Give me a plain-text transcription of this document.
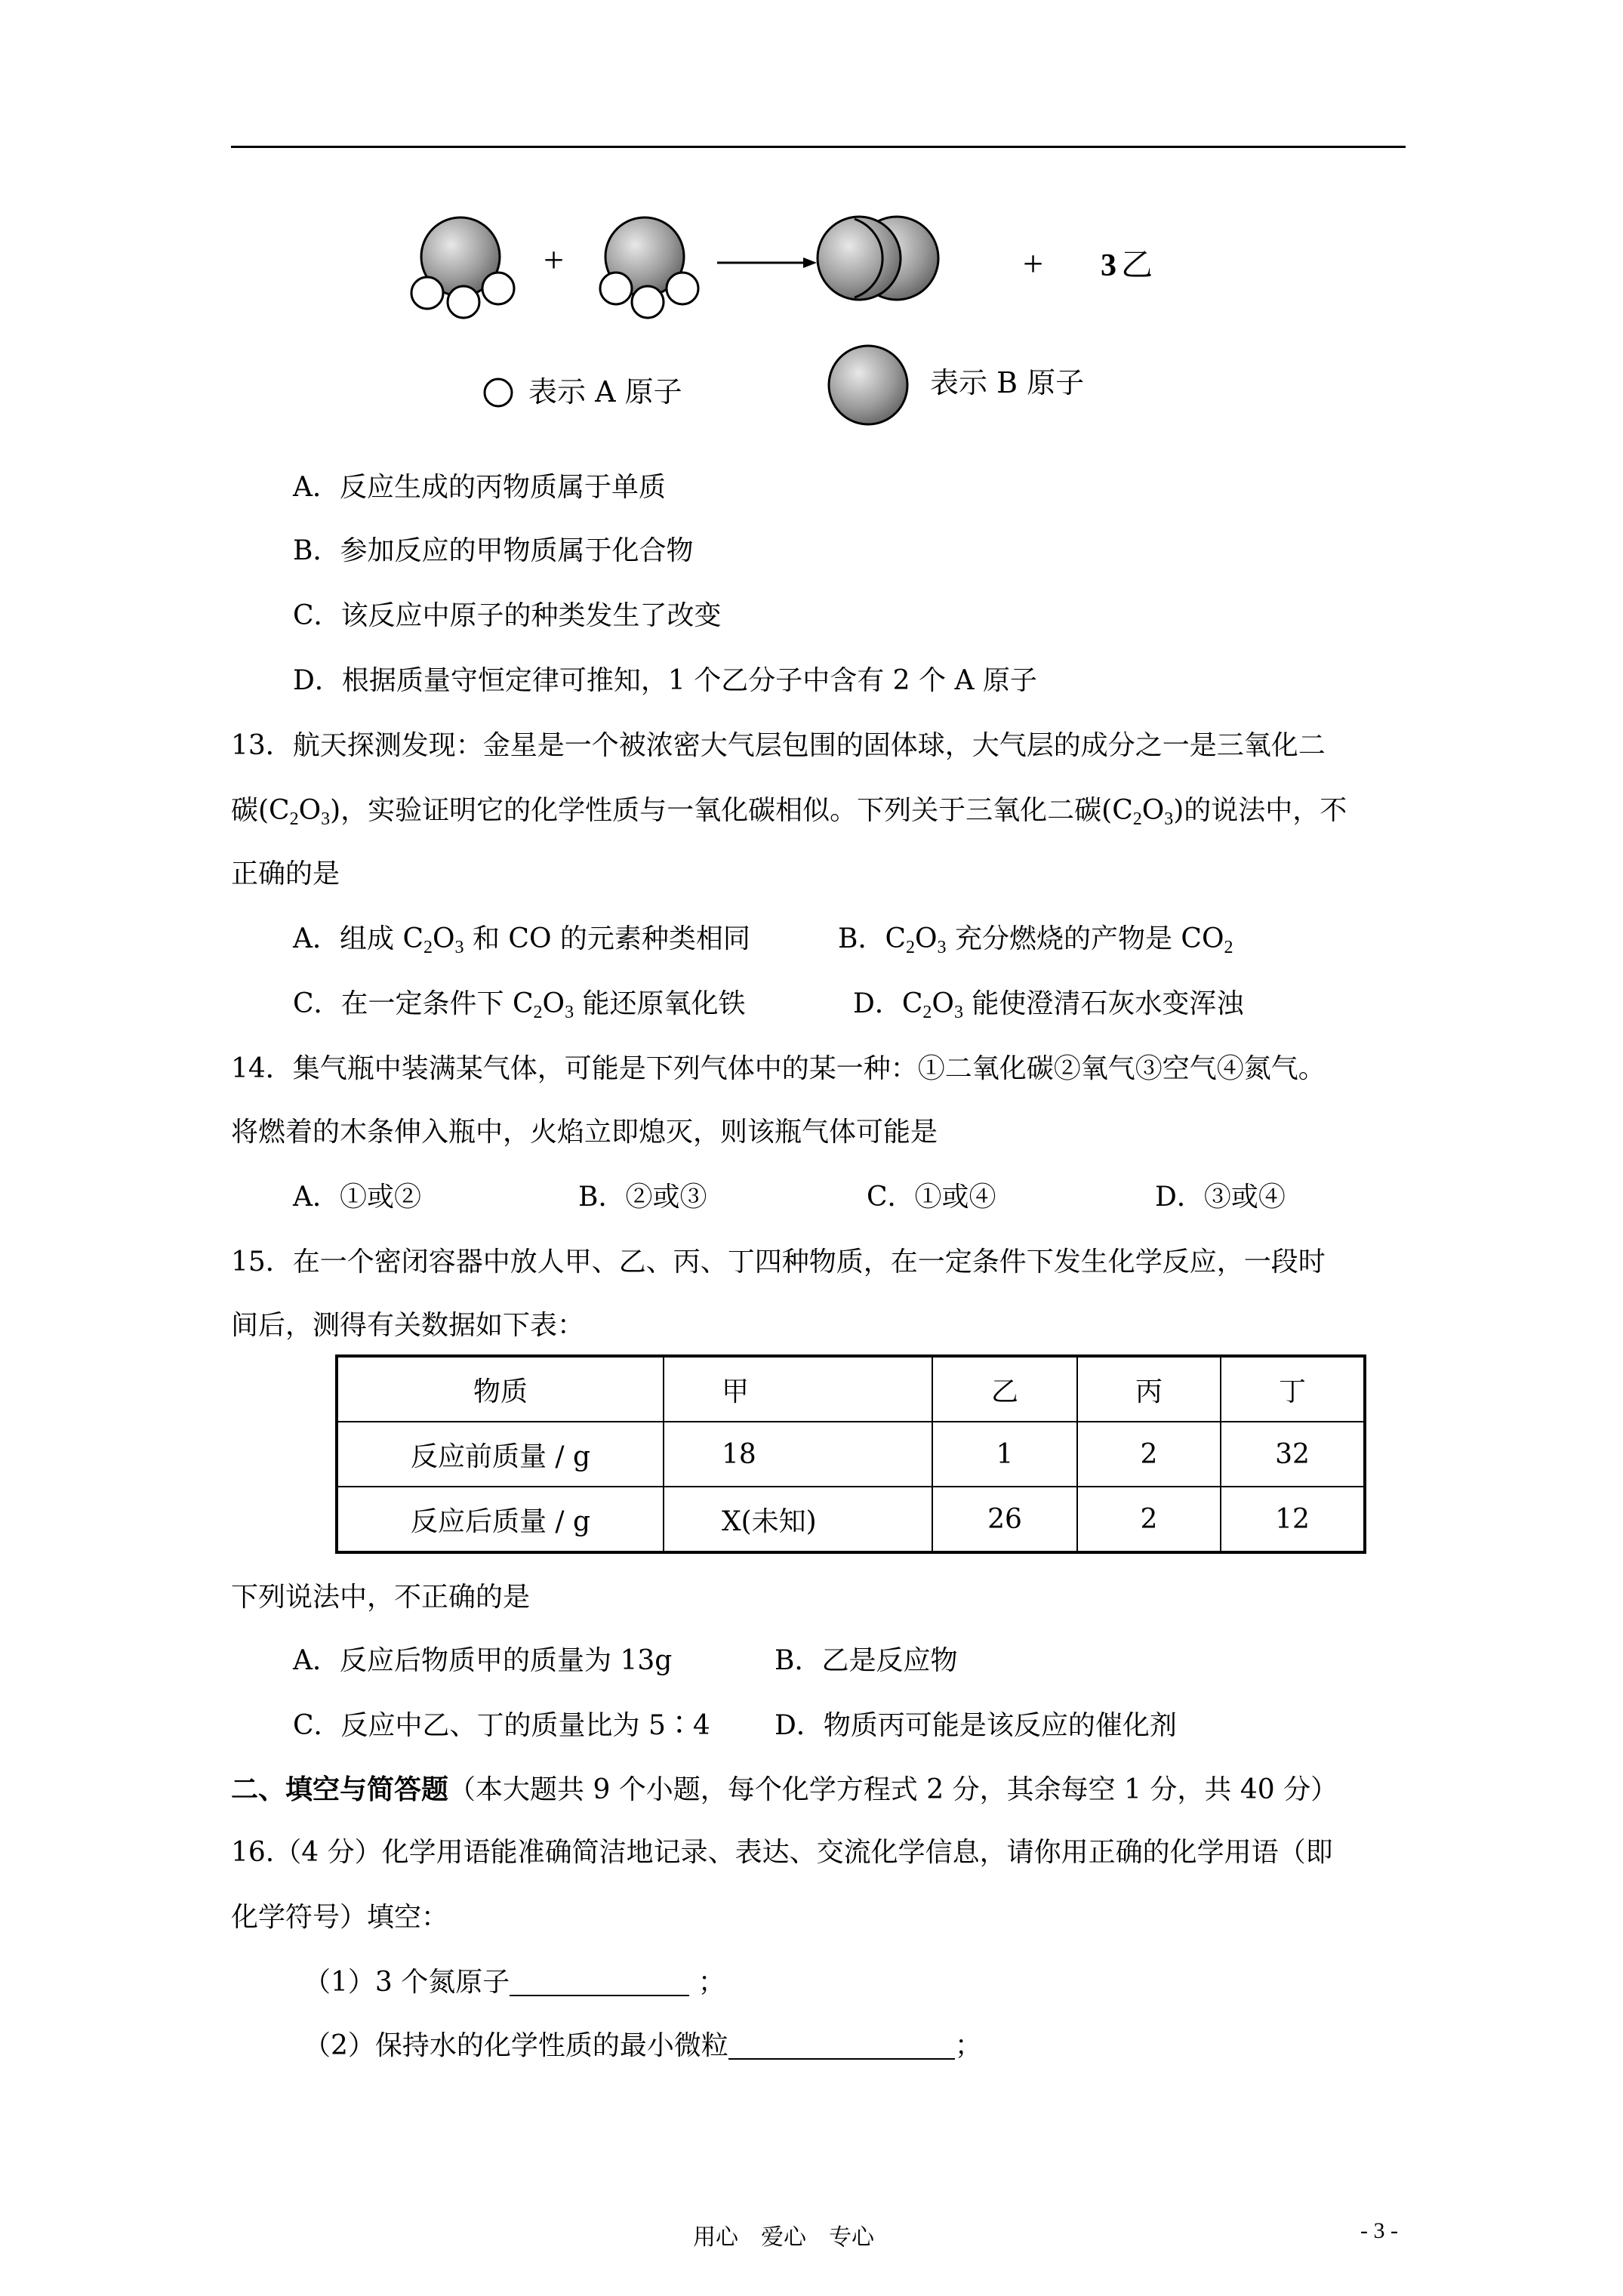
+	+ 3 乙
表示 A 原子	表示 B 原子
A．反应生成的丙物质属于单质
B．参加反应的甲物质属于化合物
C．该反应中原子的种类发生了改变
D．根据质量守恒定律可推知，1 个乙分子中含有 2 个 A 原子
13．航天探测发现：金星是一个被浓密大气层包围的固体球，大气层的成分之一是三氧化二
碳$(C_2O_3)$，实验证明它的化学性质与一氧化碳相似。下列关于三氧化二碳$(C_2O_3)$的说法中，不
正确的是
A．组成 $C_2O_3$ 和 CO 的元素种类相同	B．$C_2O_3$ 充分燃烧的产物是 $CO_2$
C．在一定条件下 $C_2O_3$ 能还原氧化铁	D．$C_2O_3$ 能使澄清石灰水变浑浊
14．集气瓶中装满某气体，可能是下列气体中的某一种：①二氧化碳②氧气③空气④氮气。
将燃着的木条伸入瓶中，火焰立即熄灭，则该瓶气体可能是
A．①或②	B．②或③	C．①或④	D．③或④
15．在一个密闭容器中放人甲、乙、丙、丁四种物质，在一定条件下发生化学反应，一段时
间后，测得有关数据如下表：
物质	甲	乙	丙	丁
反应前质量 / g	18	1	2	32
反应后质量 / g	X(未知)	26	2	12
下列说法中，不正确的是
A．反应后物质甲的质量为 13g	B．乙是反应物
C．反应中乙、丁的质量比为 5∶4 D．物质丙可能是该反应的催化剂
二、填空与简答题（本大题共 9 个小题，每个化学方程式 2 分，其余每空 1 分，共 40 分）
16.（4 分）化学用语能准确简洁地记录、表达、交流化学信息，请你用正确的化学用语（即
化学符号）填空：
（1）3 个氮原子	；
（2）保持水的化学性质的最小微粒	；
用心　爱心　专心	- 3 -
